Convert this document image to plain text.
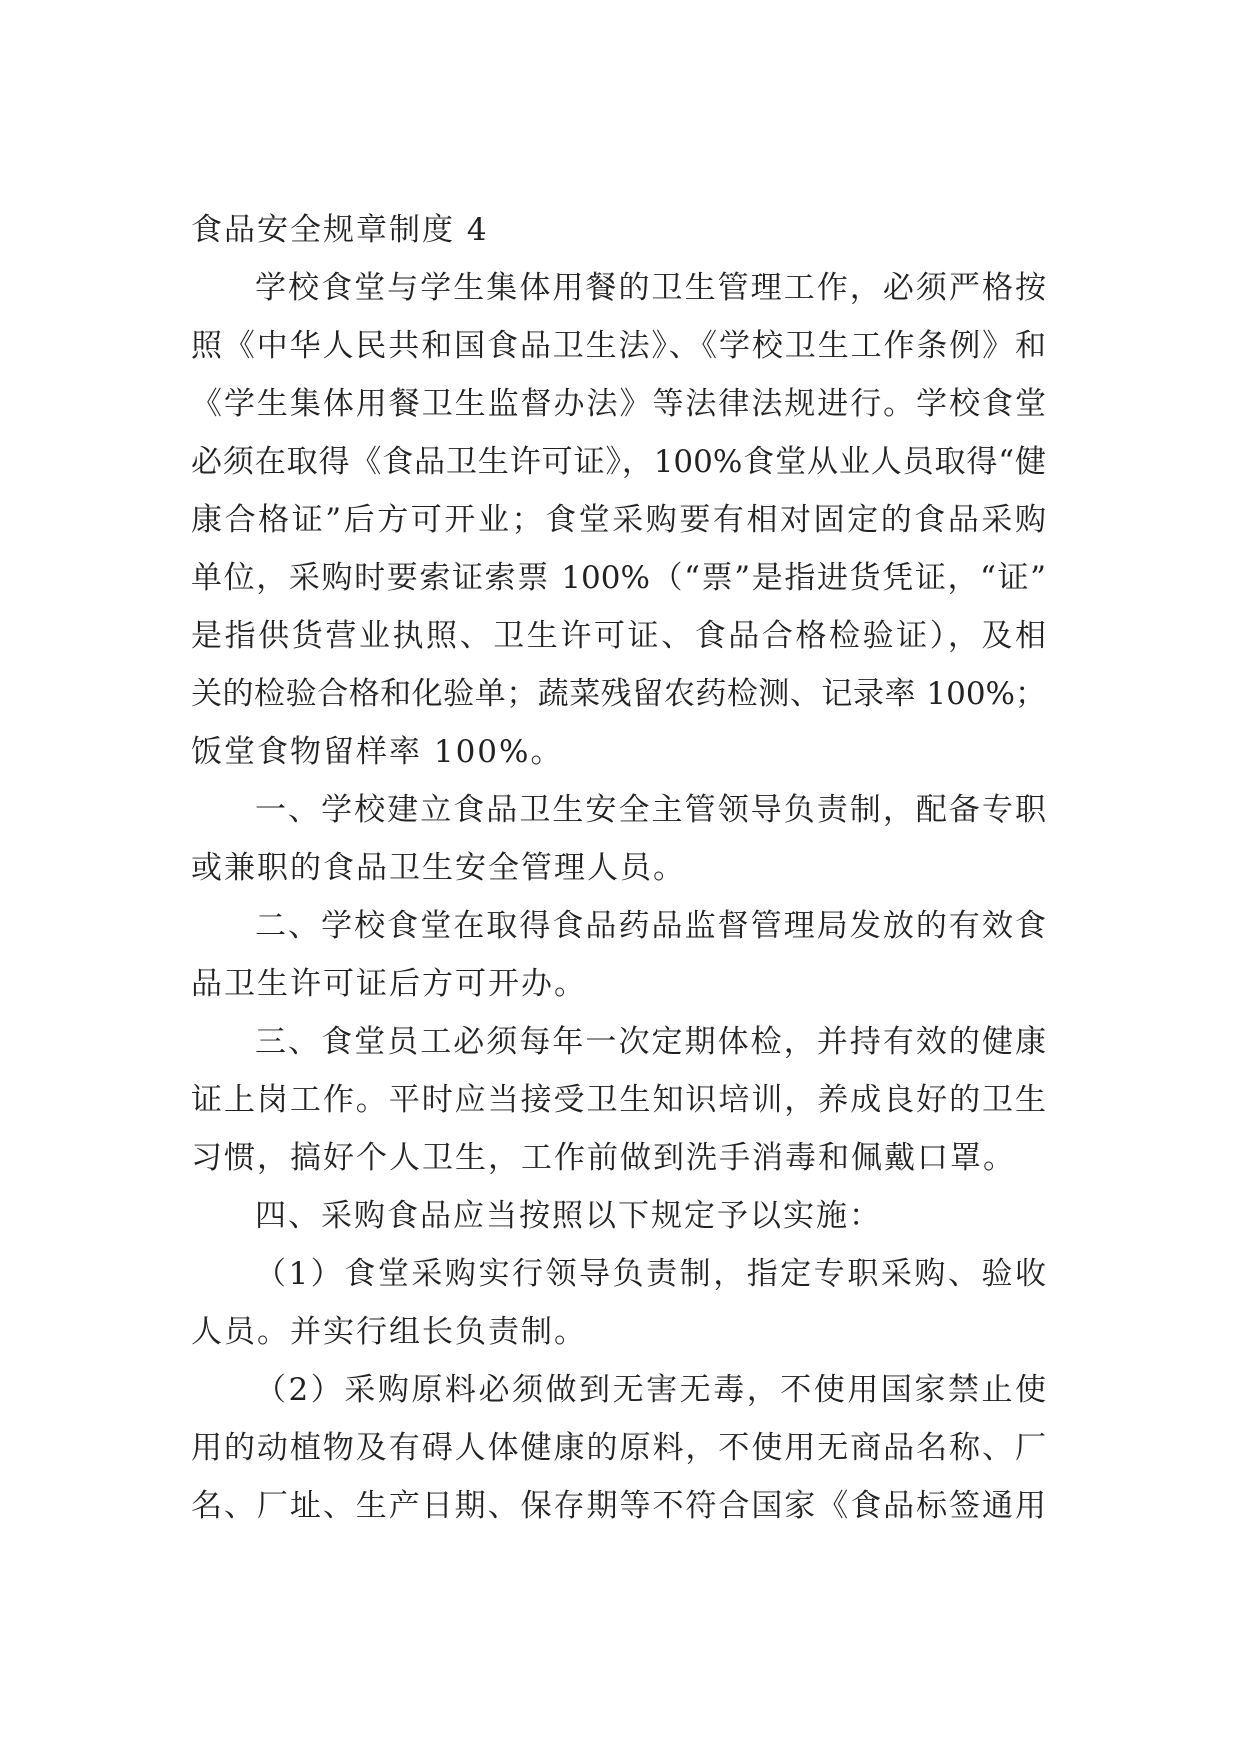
食品安全规章制度 4
学校食堂与学生集体用餐的卫生管理工作，必须严格按
照《中华人民共和国食品卫生法》、《学校卫生工作条例》和
《学生集体用餐卫生监督办法》等法律法规进行。学校食堂
必须在取得《食品卫生许可证》，100%食堂从业人员取得“健
康合格证”后方可开业；食堂采购要有相对固定的食品采购
单位，采购时要索证索票 100%（“票”是指进货凭证，“证”
是指供货营业执照、卫生许可证、食品合格检验证），及相
关的检验合格和化验单；蔬菜残留农药检测、记录率 100%；
饭堂食物留样率 100%。
一、学校建立食品卫生安全主管领导负责制，配备专职
或兼职的食品卫生安全管理人员。
二、学校食堂在取得食品药品监督管理局发放的有效食
品卫生许可证后方可开办。
三、食堂员工必须每年一次定期体检，并持有效的健康
证上岗工作。平时应当接受卫生知识培训，养成良好的卫生
习惯，搞好个人卫生，工作前做到洗手消毒和佩戴口罩。
四、采购食品应当按照以下规定予以实施：
（1）食堂采购实行领导负责制，指定专职采购、验收
人员。并实行组长负责制。
（2）采购原料必须做到无害无毒，不使用国家禁止使
用的动植物及有碍人体健康的原料，不使用无商品名称、厂
名、厂址、生产日期、保存期等不符合国家《食品标签通用
